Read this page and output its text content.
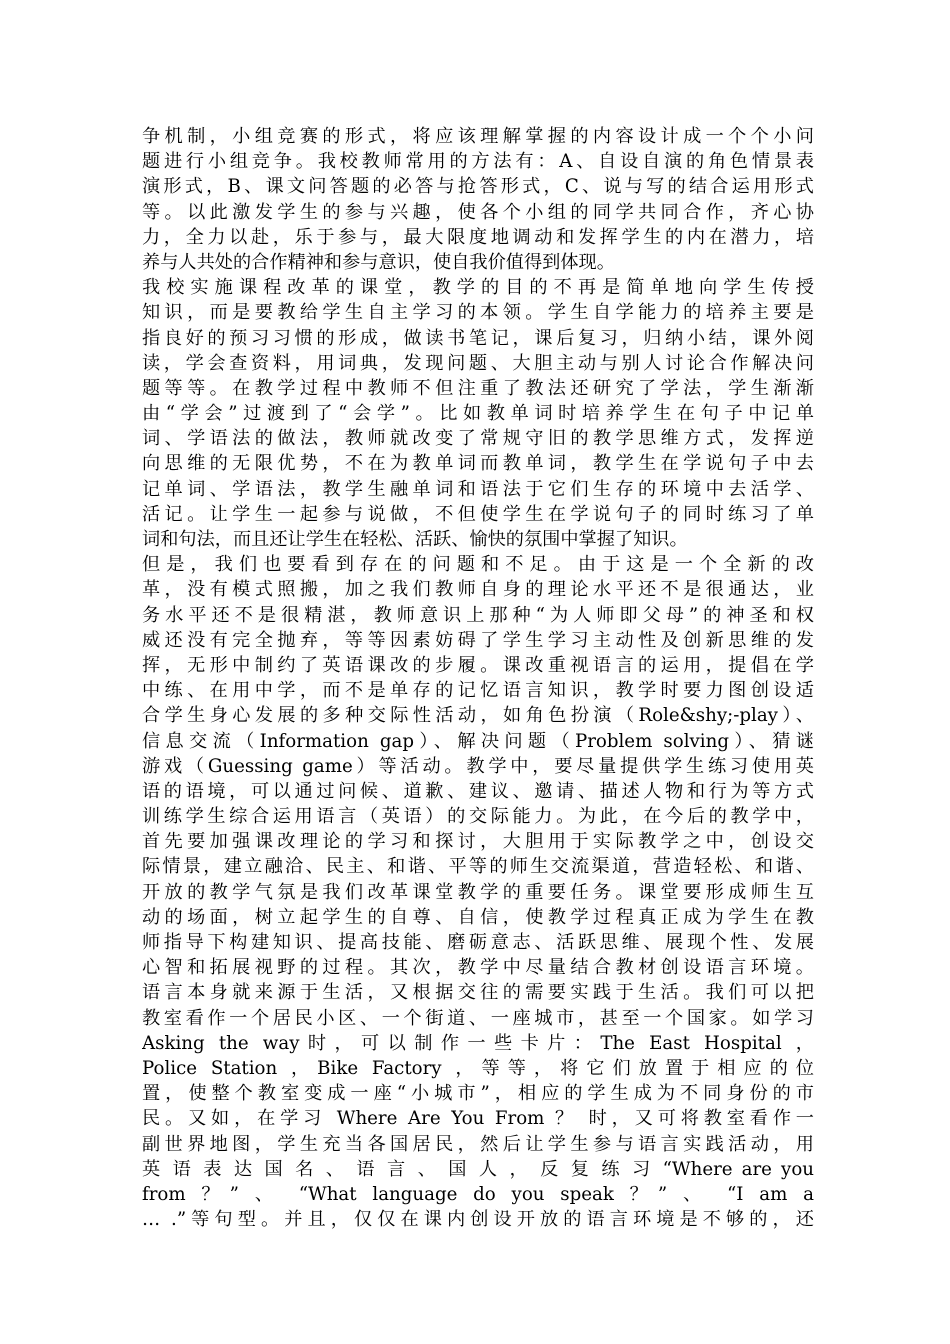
争机制，小组竞赛的形式，将应该理解掌握的内容设计成一个个小问
题进行小组竞争。我校教师常用的方法有：A、自设自演的角色情景表
演形式，B、课文问答题的必答与抢答形式，C、说与写的结合运用形式
等。以此激发学生的参与兴趣，使各个小组的同学共同合作，齐心协
力，全力以赴，乐于参与，最大限度地调动和发挥学生的内在潜力，培
养与人共处的合作精神和参与意识，使自我价值得到体现。
我校实施课程改革的课堂，教学的目的不再是简单地向学生传授
知识，而是要教给学生自主学习的本领。学生自学能力的培养主要是
指良好的预习习惯的形成，做读书笔记，课后复习，归纳小结，课外阅
读，学会查资料，用词典，发现问题、大胆主动与别人讨论合作解决问
题等等。在教学过程中教师不但注重了教法还研究了学法，学生渐渐
由“学会”过渡到了“会学”。比如教单词时培养学生在句子中记单
词、学语法的做法，教师就改变了常规守旧的教学思维方式，发挥逆
向思维的无限优势，不在为教单词而教单词，教学生在学说句子中去
记单词、学语法，教学生融单词和语法于它们生存的环境中去活学、
活记。让学生一起参与说做，不但使学生在学说句子的同时练习了单
词和句法，而且还让学生在轻松、活跃、愉快的氛围中掌握了知识。
但是，我们也要看到存在的问题和不足。由于这是一个全新的改
革，没有模式照搬，加之我们教师自身的理论水平还不是很通达，业
务水平还不是很精湛，教师意识上那种“为人师即父母”的神圣和权
威还没有完全抛弃，等等因素妨碍了学生学习主动性及创新思维的发
挥，无形中制约了英语课改的步履。课改重视语言的运用，提倡在学
中练、在用中学，而不是单存的记忆语言知识，教学时要力图创设适
合学生身心发展的多种交际性活动，如角色扮演（Role&shy;-play）、
信息交流（Information gap）、解决问题（Problem solving）、猜谜
游戏（Guessing game）等活动。教学中，要尽量提供学生练习使用英
语的语境，可以通过问候、道歉、建议、邀请、描述人物和行为等方式
训练学生综合运用语言（英语）的交际能力。为此，在今后的教学中，
首先要加强课改理论的学习和探讨，大胆用于实际教学之中，创设交
际情景，建立融洽、民主、和谐、平等的师生交流渠道，营造轻松、和谐、
开放的教学气氛是我们改革课堂教学的重要任务。课堂要形成师生互
动的场面，树立起学生的自尊、自信，使教学过程真正成为学生在教
师指导下构建知识、提高技能、磨砺意志、活跃思维、展现个性、发展
心智和拓展视野的过程。其次，教学中尽量结合教材创设语言环境。
语言本身就来源于生活，又根据交往的需要实践于生活。我们可以把
教室看作一个居民小区、一个街道、一座城市，甚至一个国家。如学习
Asking the way时，可以制作一些卡片：The East Hospital ，
Police Station ，Bike Factory ，等等，将它们放置于相应的位
置，使整个教室变成一座“小城市”，相应的学生成为不同身份的市
民。又如，在学习 Where Are You From ？ 时，又可将教室看作一
副世界地图，学生充当各国居民，然后让学生参与语言实践活动，用
英 语 表 达 国 名 、 语 言 、 国 人 ， 反 复 练 习 “Where are you
from ？” 、 “What language do you speak ？” 、 “I am a
… .”等句型。并且，仅仅在课内创设开放的语言环境是不够的，还
